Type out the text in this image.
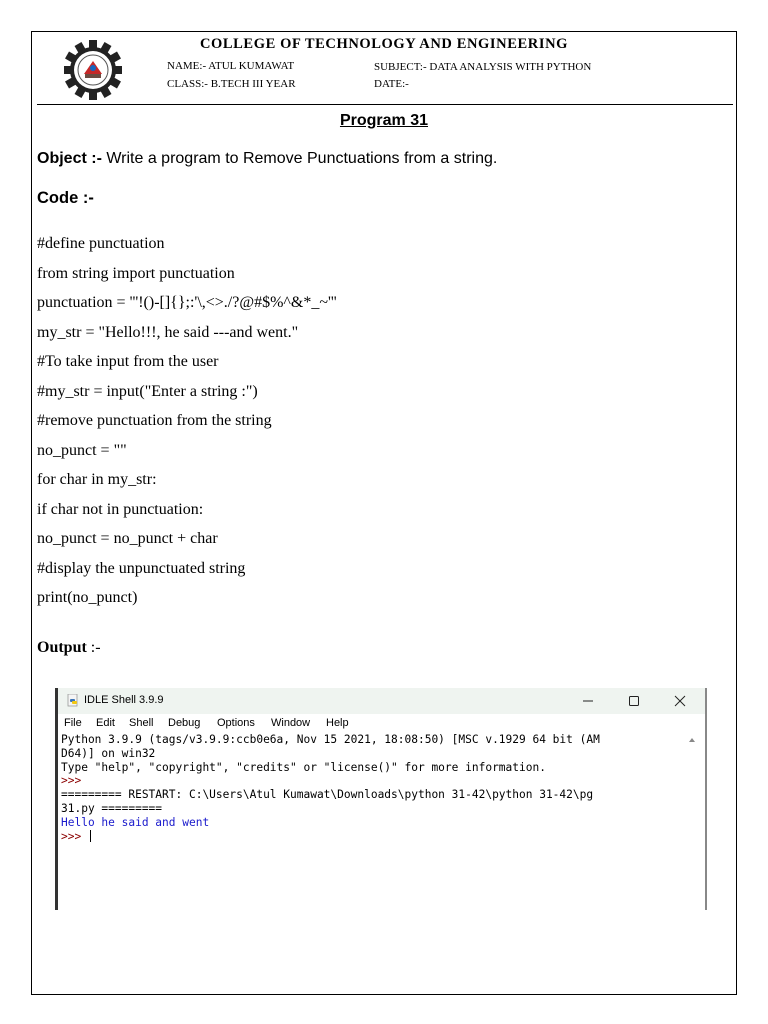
COLLEGE OF TECHNOLOGY AND ENGINEERING
NAME:- ATUL KUMAWAT	SUBJECT:- DATA ANALYSIS WITH PYTHON
CLASS:- B.TECH III YEAR	DATE:-
Program 31
Object :- Write a program to Remove Punctuations from a string.
Code :-
#define punctuation
from string import punctuation
punctuation = '''!()-[]{};:'\,<>./?@#$%^&*_~'''
my_str = "Hello!!!, he said ---and went."
#To take input from the user
#my_str = input("Enter a string :")
#remove punctuation from the string
no_punct = ""
for char in my_str:
if char not in punctuation:
no_punct = no_punct + char
#display the unpunctuated string
print(no_punct)
Output :-
IDLE Shell 3.9.9
File Edit Shell Debug Options Window Help
Python 3.9.9 (tags/v3.9.9:ccb0e6a, Nov 15 2021, 18:08:50) [MSC v.1929 64 bit (AM
D64)] on win32
Type "help", "copyright", "credits" or "license()" for more information.
>>>
========= RESTART: C:\Users\Atul Kumawat\Downloads\python 31-42\python 31-42\pg
31.py =========
Hello he said and went
>>>
